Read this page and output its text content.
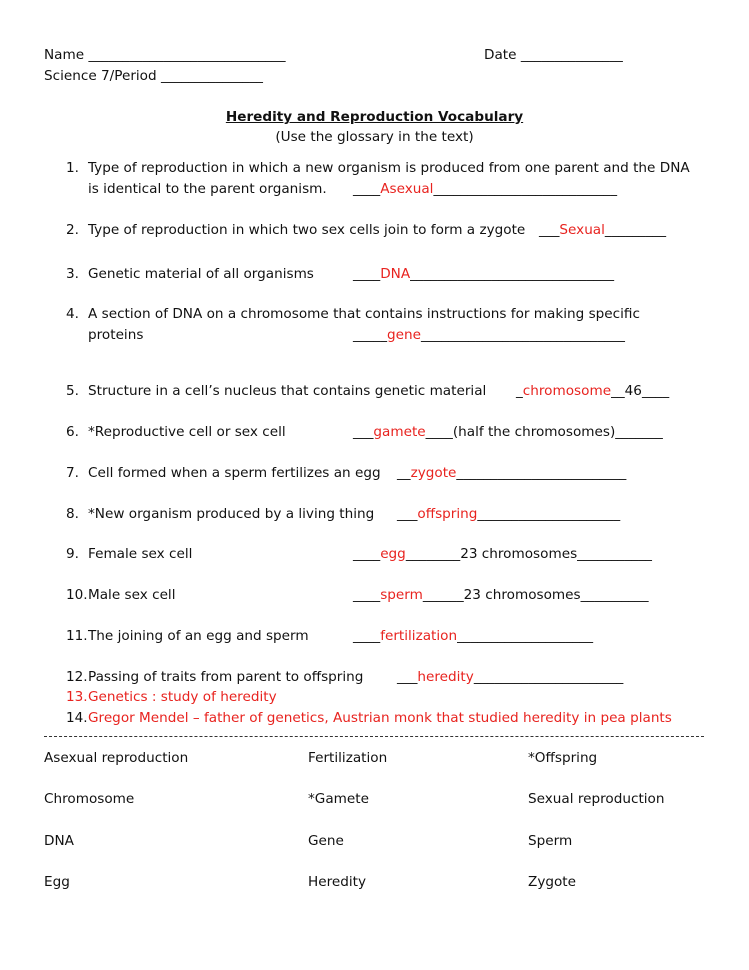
Name _____________________________	Date _______________
Science 7/Period _______________
Heredity and Reproduction Vocabulary
(Use the glossary in the text)
1. Type of reproduction in which a new organism is produced from one parent and the DNA
is identical to the parent organism. ____Asexual___________________________
2. Type of reproduction in which two sex cells join to form a zygote ___Sexual_________
3. Genetic material of all organisms	____DNA______________________________
4. A section of DNA on a chromosome that contains instructions for making specific
proteins	_____gene______________________________
5. Structure in a cell’s nucleus that contains genetic material _chromosome__46____
6. *Reproductive cell or sex cell	___gamete____(half the chromosomes)_______
7. Cell formed when a sperm fertilizes an egg __zygote_________________________
8. *New organism produced by a living thing ___offspring_____________________
9. Female sex cell	____egg________23 chromosomes___________
10. Male sex cell	____sperm______23 chromosomes__________
11. The joining of an egg and sperm	____fertilization____________________
12. Passing of traits from parent to offspring ___heredity______________________
13. Genetics : study of heredity
14. Gregor Mendel – father of genetics, Austrian monk that studied heredity in pea plants
Asexual reproduction	Fertilization	*Offspring
Chromosome	*Gamete	Sexual reproduction
DNA	Gene	Sperm
Egg	Heredity	Zygote
